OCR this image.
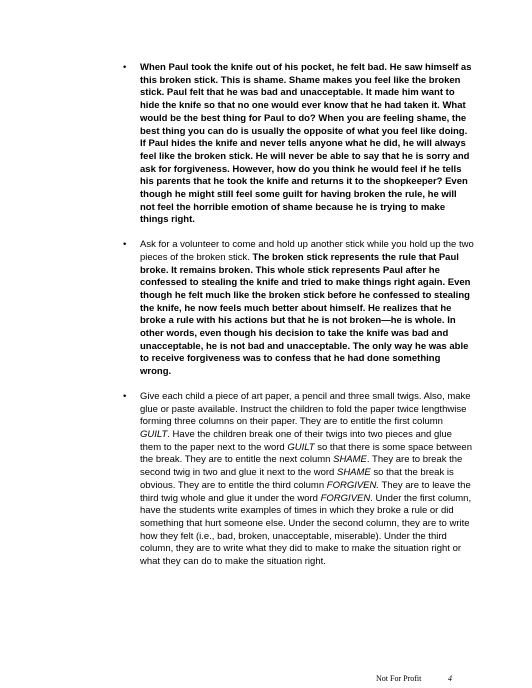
• When Paul took the knife out of his pocket, he felt bad. He saw himself as this broken stick. This is shame. Shame makes you feel like the broken stick. Paul felt that he was bad and unacceptable. It made him want to hide the knife so that no one would ever know that he had taken it. What would be the best thing for Paul to do? When you are feeling shame, the best thing you can do is usually the opposite of what you feel like doing. If Paul hides the knife and never tells anyone what he did, he will always feel like the broken stick. He will never be able to say that he is sorry and ask for forgiveness. However, how do you think he would feel if he tells his parents that he took the knife and returns it to the shopkeeper? Even though he might still feel some guilt for having broken the rule, he will not feel the horrible emotion of shame because he is trying to make things right.
• Ask for a volunteer to come and hold up another stick while you hold up the two pieces of the broken stick. The broken stick represents the rule that Paul broke. It remains broken. This whole stick represents Paul after he confessed to stealing the knife and tried to make things right again. Even though he felt much like the broken stick before he confessed to stealing the knife, he now feels much better about himself. He realizes that he broke a rule with his actions but that he is not broken—he is whole. In other words, even though his decision to take the knife was bad and unacceptable, he is not bad and unacceptable. The only way he was able to receive forgiveness was to confess that he had done something wrong.
• Give each child a piece of art paper, a pencil and three small twigs. Also, make glue or paste available. Instruct the children to fold the paper twice lengthwise forming three columns on their paper. They are to entitle the first column GUILT. Have the children break one of their twigs into two pieces and glue them to the paper next to the word GUILT so that there is some space between the break. They are to entitle the next column SHAME. They are to break the second twig in two and glue it next to the word SHAME so that the break is obvious. They are to entitle the third column FORGIVEN. They are to leave the third twig whole and glue it under the word FORGIVEN. Under the first column, have the students write examples of times in which they broke a rule or did something that hurt someone else. Under the second column, they are to write how they felt (i.e., bad, broken, unacceptable, miserable). Under the third column, they are to write what they did to make to make the situation right or what they can do to make the situation right.
Not For Profit	4
